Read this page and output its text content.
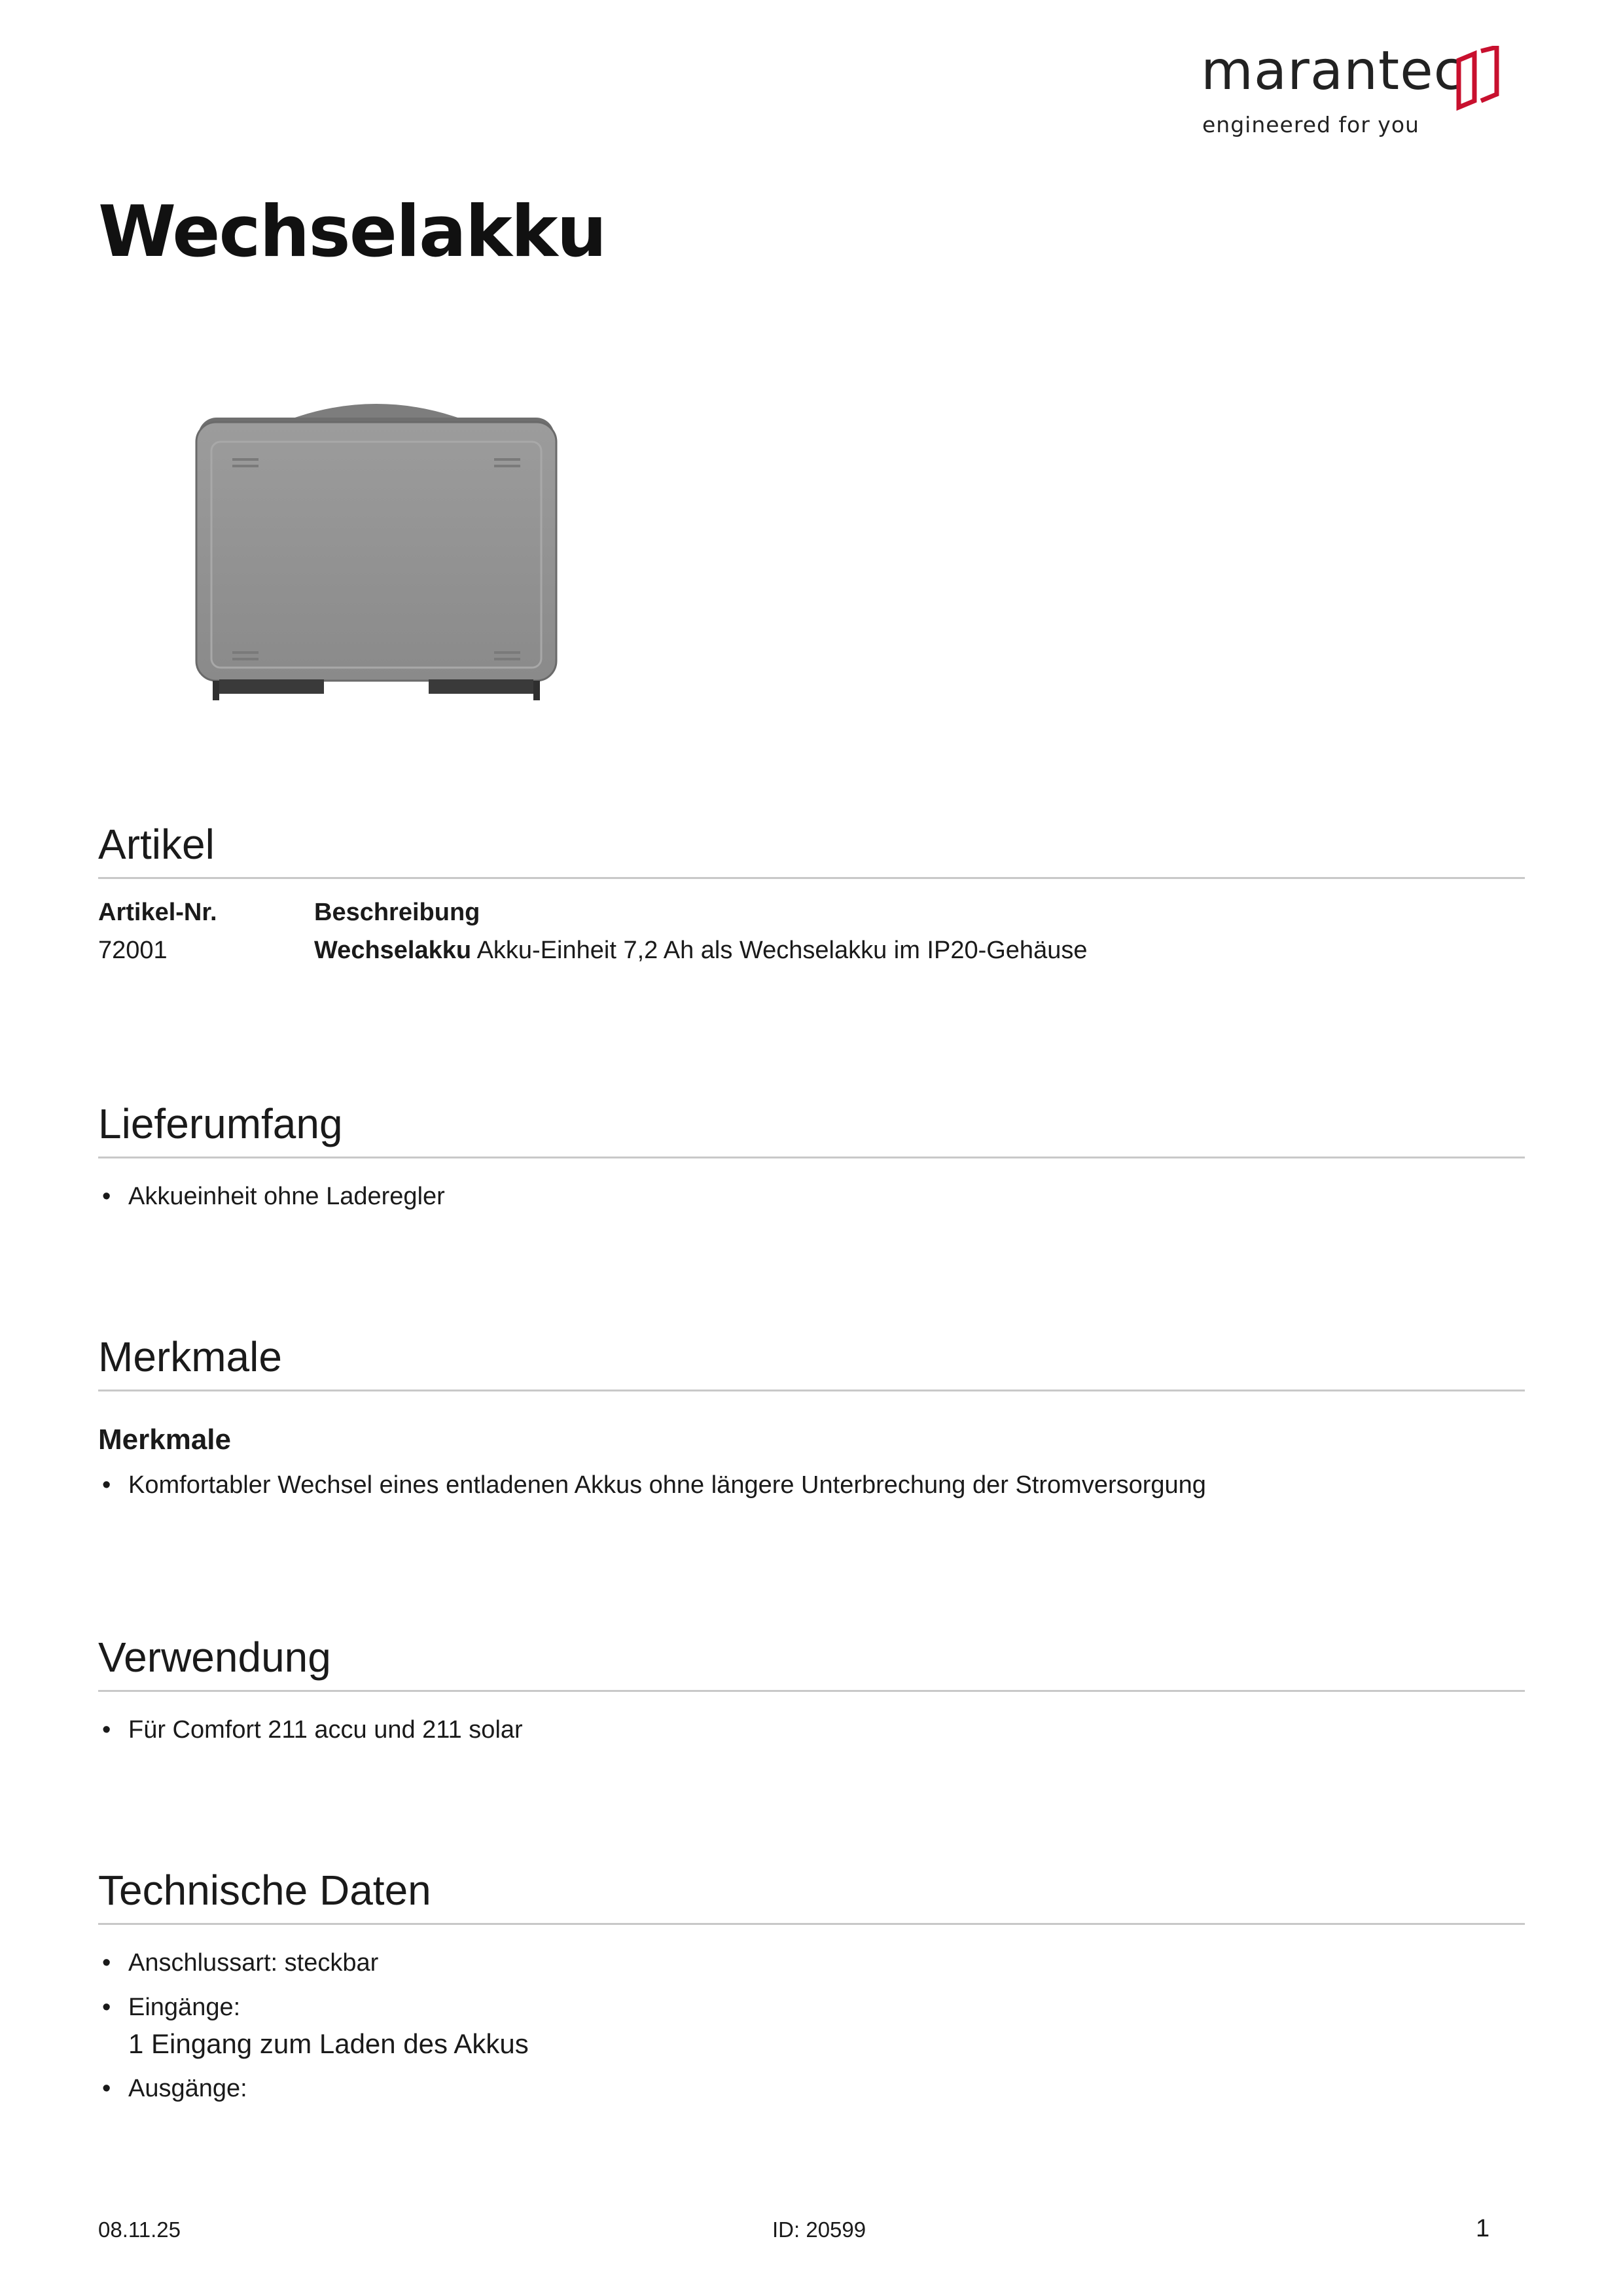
marantec
engineered for you
Wechselakku
Artikel
Artikel-Nr.
72001
Beschreibung
Wechselakku Akku-Einheit 7,2 Ah als Wechselakku im IP20-Gehäuse
Lieferumfang
• Akkueinheit ohne Laderegler
Merkmale
Merkmale
• Komfortabler Wechsel eines entladenen Akkus ohne längere Unterbrechung der Stromversorgung
Verwendung
• Für Comfort 211 accu und 211 solar
Technische Daten
• Anschlussart: steckbar
• Eingänge:
1 Eingang zum Laden des Akkus
• Ausgänge:
08.11.25	ID: 20599	1
